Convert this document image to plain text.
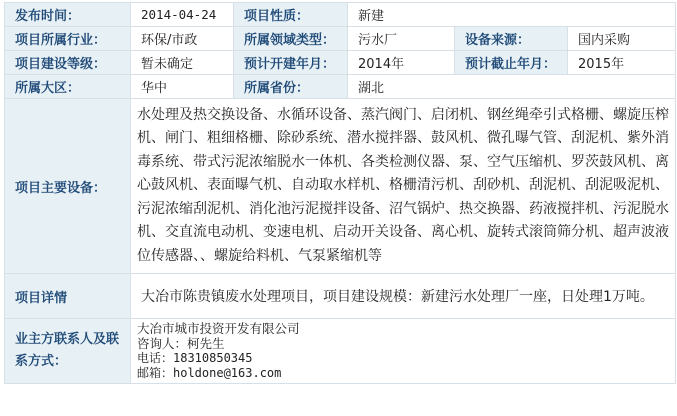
发布时间：	2014-04-24	项目性质：	新建		
项目所属行业：	环保/市政	所属领域类型：	污水厂	设备来源：	国内采购
项目建设等级：	暂未确定	预计开建年月：	2014年	预计截止年月：	2015年
所属大区：	华中	所属省份：	湖北		
项目主要设备：	水处理及热交换设备、水循环设备、蒸汽阀门、启闭机、钢丝绳牵引式格栅、螺旋压榨机、闸门、粗细格栅、除砂系统、潜水搅拌器、鼓风机、微孔曝气管、刮泥机、紫外消毒系统、带式污泥浓缩脱水一体机、各类检测仪器、泵、空气压缩机、罗茨鼓风机、离心鼓风机、表面曝气机、自动取水样机、格栅清污机、刮砂机、刮泥机、刮泥吸泥机、污泥浓缩刮泥机、消化池污泥搅拌设备、沼气锅炉、热交换器、药液搅拌机、污泥脱水机、交直流电动机、变速电机、启动开关设备、离心机、旋转式滚筒筛分机、超声波液位传感器、、螺旋给料机、气泵紧缩机等				
项目详情	大冶市陈贵镇废水处理项目，项目建设规模：新建污水处理厂一座，日处理1万吨。				
业主方联系人及联系方式：	大冶市城市投资开发有限公司
咨询人：柯先生
电话：18310850345
邮箱：holdone@163.com				
